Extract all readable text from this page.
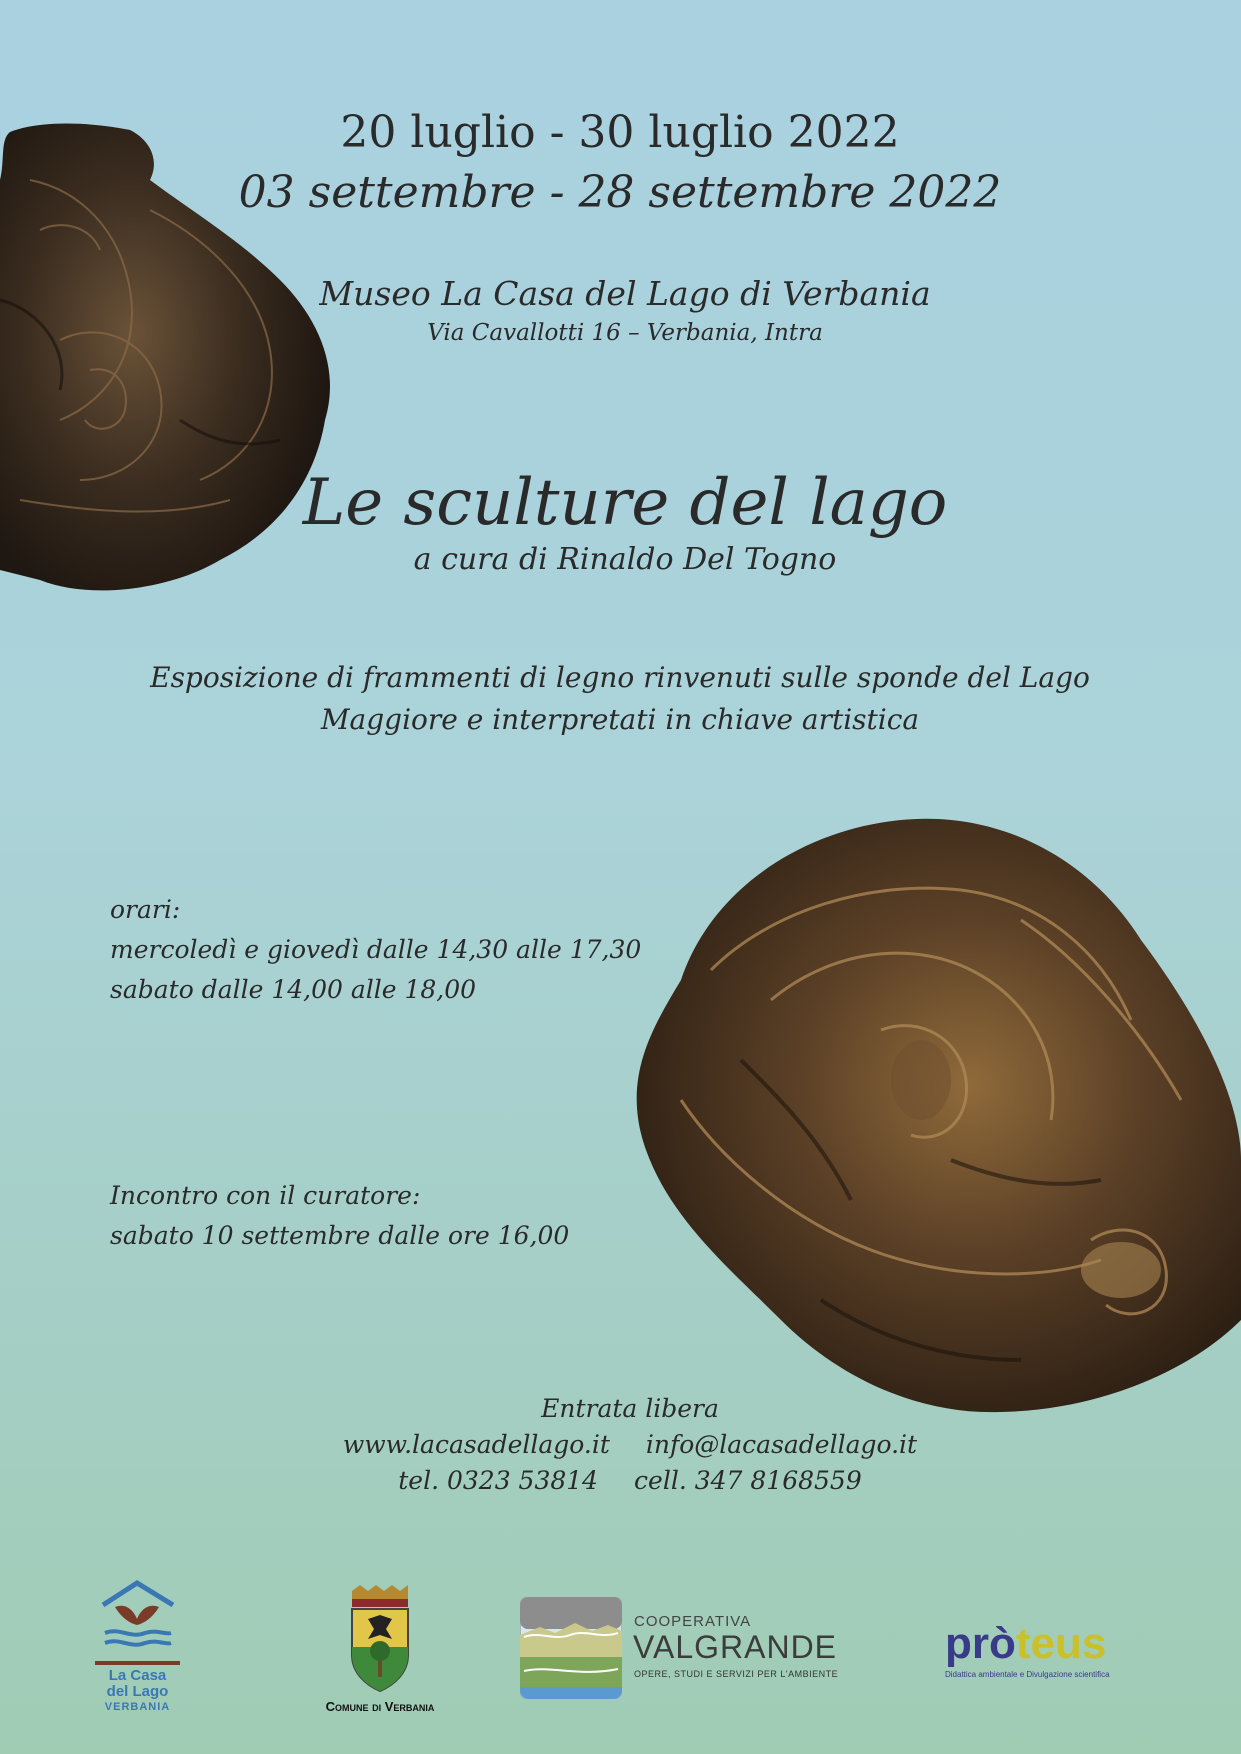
20 luglio - 30 luglio 2022
03 settembre - 28 settembre 2022
Museo La Casa del Lago di Verbania
Via Cavallotti 16 – Verbania, Intra
Le sculture del lago
a cura di Rinaldo Del Togno
Esposizione di frammenti di legno rinvenuti sulle sponde del Lago
Maggiore e interpretati in chiave artistica
orari:
mercoledì e giovedì dalle 14,30 alle 17,30
sabato dalle 14,00 alle 18,00
Incontro con il curatore:
sabato 10 settembre dalle ore 16,00
Entrata libera
www.lacasadellago.it info@lacasadellago.it
tel. 0323 53814 cell. 347 8168559
La Casa
del Lago
VERBANIA	Comune di Verbania
COOPERATIVA
VALGRANDE
OPERE, STUDI E SERVIZI PER L'AMBIENTE
pròteus
Didattica ambientale e Divulgazione scientifica
